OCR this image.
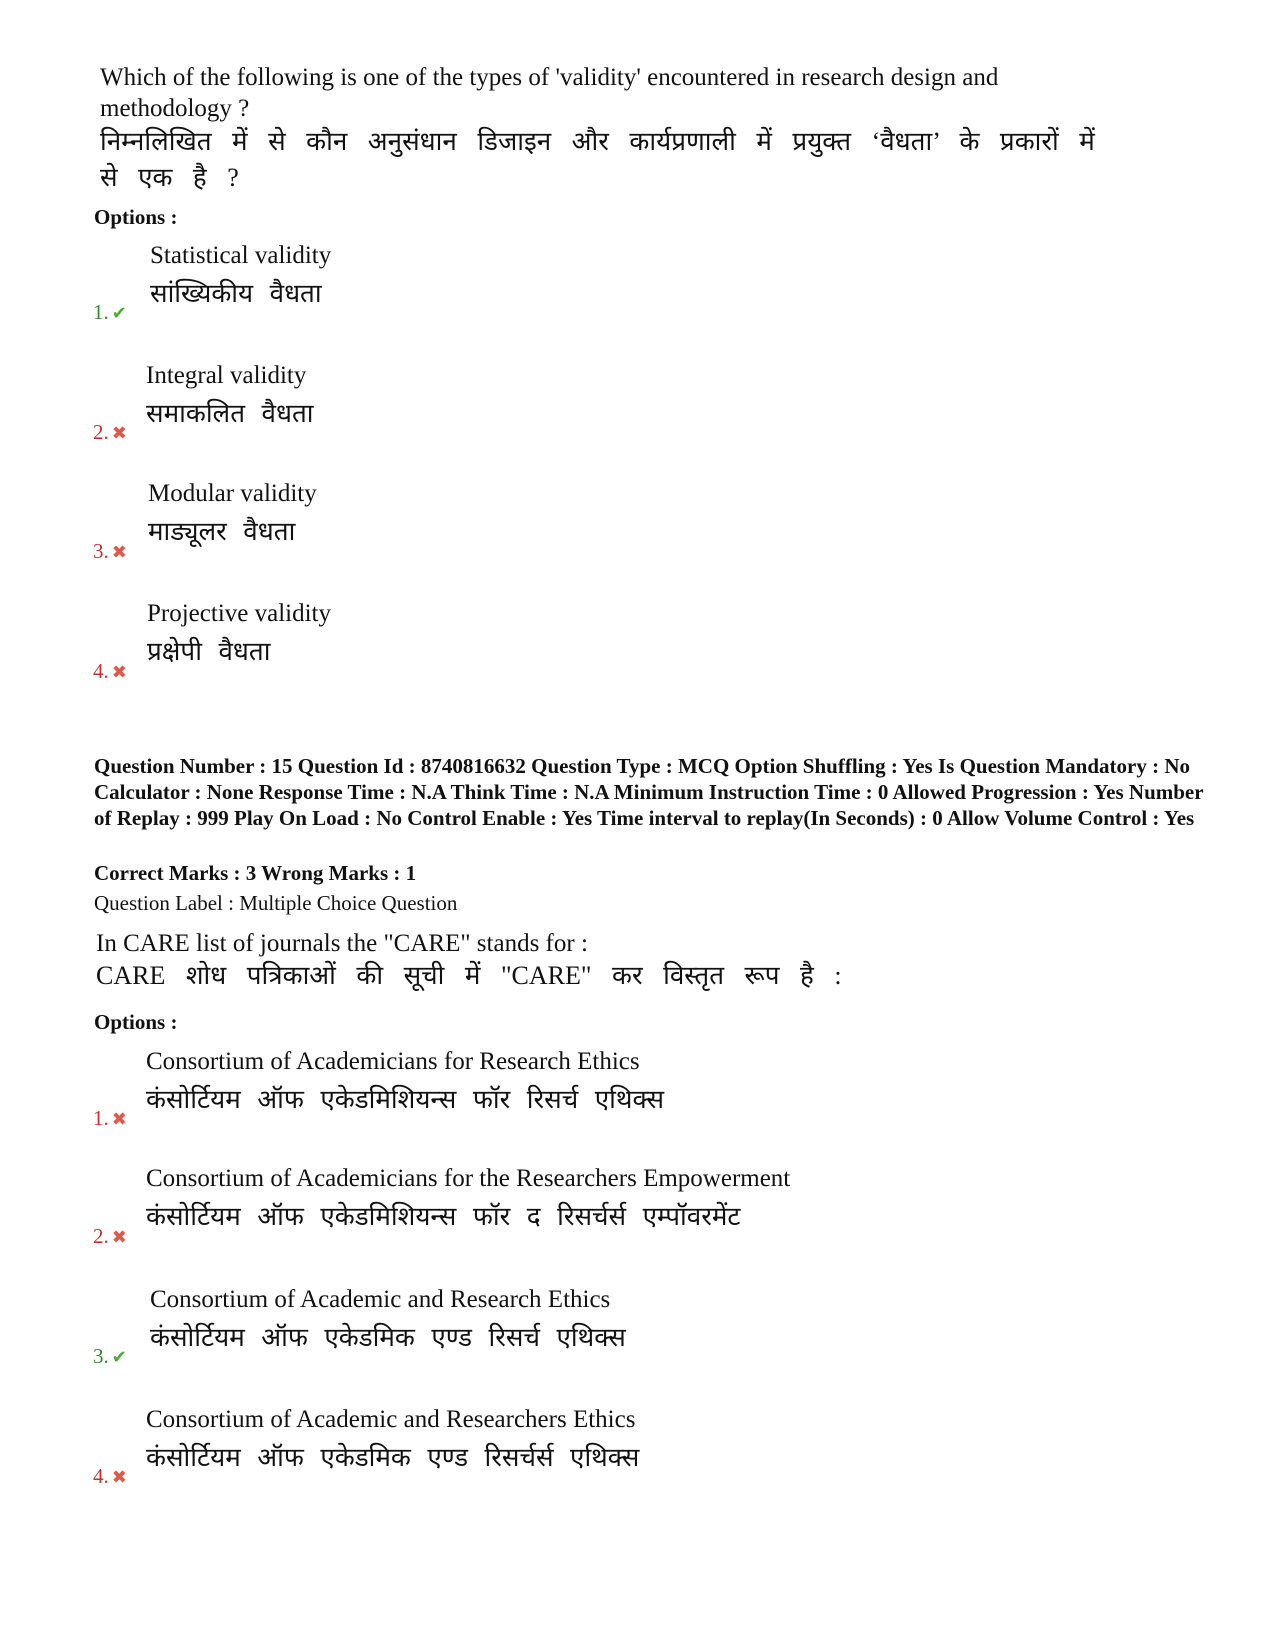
Which of the following is one of the types of 'validity' encountered in research design and methodology ?
निम्नलिखित में से कौन अनुसंधान डिजाइन और कार्यप्रणाली में प्रयुक्त ‘वैधता’ के प्रकारों में से एक है ?
Options :
Statistical validity
सांख्यिकीय वैधता
1. ✔
Integral validity
समाकलित वैधता
2. ✖
Modular validity
माड्यूलर वैधता
3. ✖
Projective validity
प्रक्षेपी वैधता
4. ✖
Question Number : 15 Question Id : 8740816632 Question Type : MCQ Option Shuffling : Yes Is Question Mandatory : No Calculator : None Response Time : N.A Think Time : N.A Minimum Instruction Time : 0 Allowed Progression : Yes Number of Replay : 999 Play On Load : No Control Enable : Yes Time interval to replay(In Seconds) : 0 Allow Volume Control : Yes
Correct Marks : 3 Wrong Marks : 1
Question Label : Multiple Choice Question
In CARE list of journals the "CARE" stands for :
CARE शोध पत्रिकाओं की सूची में "CARE" कर विस्तृत रूप है :
Options :
Consortium of Academicians for Research Ethics
कंसोर्टियम ऑफ एकेडमिशियन्स फॉर रिसर्च एथिक्स
1. ✖
Consortium of Academicians for the Researchers Empowerment
कंसोर्टियम ऑफ एकेडमिशियन्स फॉर द रिसर्चर्स एम्पॉवरमेंट
2. ✖
Consortium of Academic and Research Ethics
कंसोर्टियम ऑफ एकेडमिक एण्ड रिसर्च एथिक्स
3. ✔
Consortium of Academic and Researchers Ethics
कंसोर्टियम ऑफ एकेडमिक एण्ड रिसर्चर्स एथिक्स
4. ✖
